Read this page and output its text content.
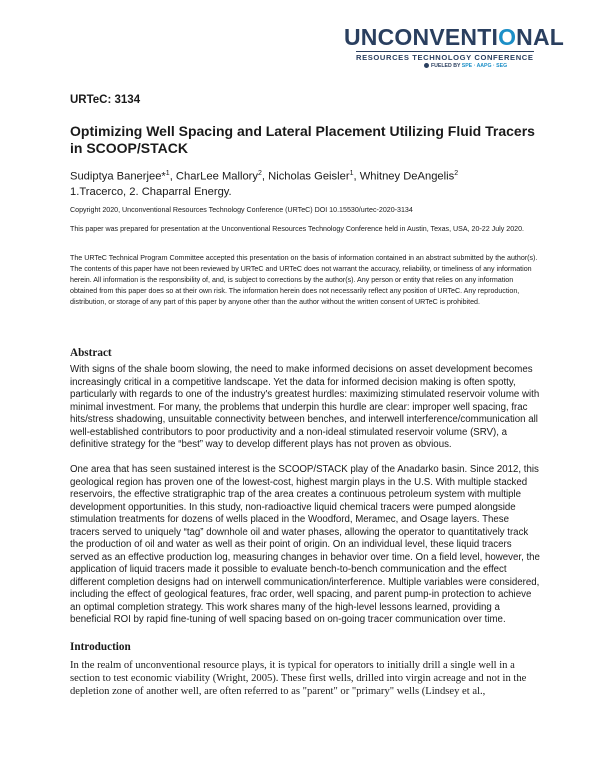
UNCONVENTIONAL
RESOURCES TECHNOLOGY CONFERENCE
FUELED BY SPE · AAPG · SEG
URTeC: 3134
Optimizing Well Spacing and Lateral Placement Utilizing Fluid Tracers in SCOOP/STACK
Sudiptya Banerjee*$^1$, CharLee Mallory$^2$, Nicholas Geisler$^1$, Whitney DeAngelis$^2$
1.Tracerco, 2. Chaparral Energy.

Copyright 2020, Unconventional Resources Technology Conference (URTeC) DOI 10.15530/urtec-2020-3134

This paper was prepared for presentation at the Unconventional Resources Technology Conference held in Austin, Texas, USA, 20-22 July 2020.

The URTeC Technical Program Committee accepted this presentation on the basis of information contained in an abstract submitted by the author(s). The contents of this paper have not been reviewed by URTeC and URTeC does not warrant the accuracy, reliability, or timeliness of any information herein. All information is the responsibility of, and, is subject to corrections by the author(s). Any person or entity that relies on any information obtained from this paper does so at their own risk. The information herein does not necessarily reflect any position of URTeC. Any reproduction, distribution, or storage of any part of this paper by anyone other than the author without the written consent of URTeC is prohibited.

Abstract

With signs of the shale boom slowing, the need to make informed decisions on asset development becomes increasingly critical in a competitive landscape. Yet the data for informed decision making is often spotty, particularly with regards to one of the industry's greatest hurdles: maximizing stimulated reservoir volume with minimal investment. For many, the problems that underpin this hurdle are clear: improper well spacing, frac hits/stress shadowing, unsuitable connectivity between benches, and interwell interference/communication all well-established contributors to poor productivity and a non-ideal stimulated reservoir volume (SRV), a definitive strategy for the “best” way to develop different plays has not proven as obvious.

One area that has seen sustained interest is the SCOOP/STACK play of the Anadarko basin. Since 2012, this geological region has proven one of the lowest-cost, highest margin plays in the U.S. With multiple stacked reservoirs, the effective stratigraphic trap of the area creates a continuous petroleum system with multiple development opportunities. In this study, non-radioactive liquid chemical tracers were pumped alongside stimulation treatments for dozens of wells placed in the Woodford, Meramec, and Osage layers. These tracers served to uniquely “tag” downhole oil and water phases, allowing the operator to quantitatively track the production of oil and water as well as their point of origin. On an individual level, these liquid tracers served as an effective production log, measuring changes in behavior over time. On a field level, however, the application of liquid tracers made it possible to evaluate bench-to-bench communication and the effect different completion designs had on interwell communication/interference. Multiple variables were considered, including the effect of geological features, frac order, well spacing, and parent pump-in protection to achieve an optimal completion strategy. This work shares many of the high-level lessons learned, providing a beneficial ROI by rapid fine-tuning of well spacing based on on-going tracer communication over time.

Introduction

In the realm of unconventional resource plays, it is typical for operators to initially drill a single well in a section to test economic viability (Wright, 2005). These first wells, drilled into virgin acreage and not in the depletion zone of another well, are often referred to as "parent" or "primary" wells (Lindsey et al.,
